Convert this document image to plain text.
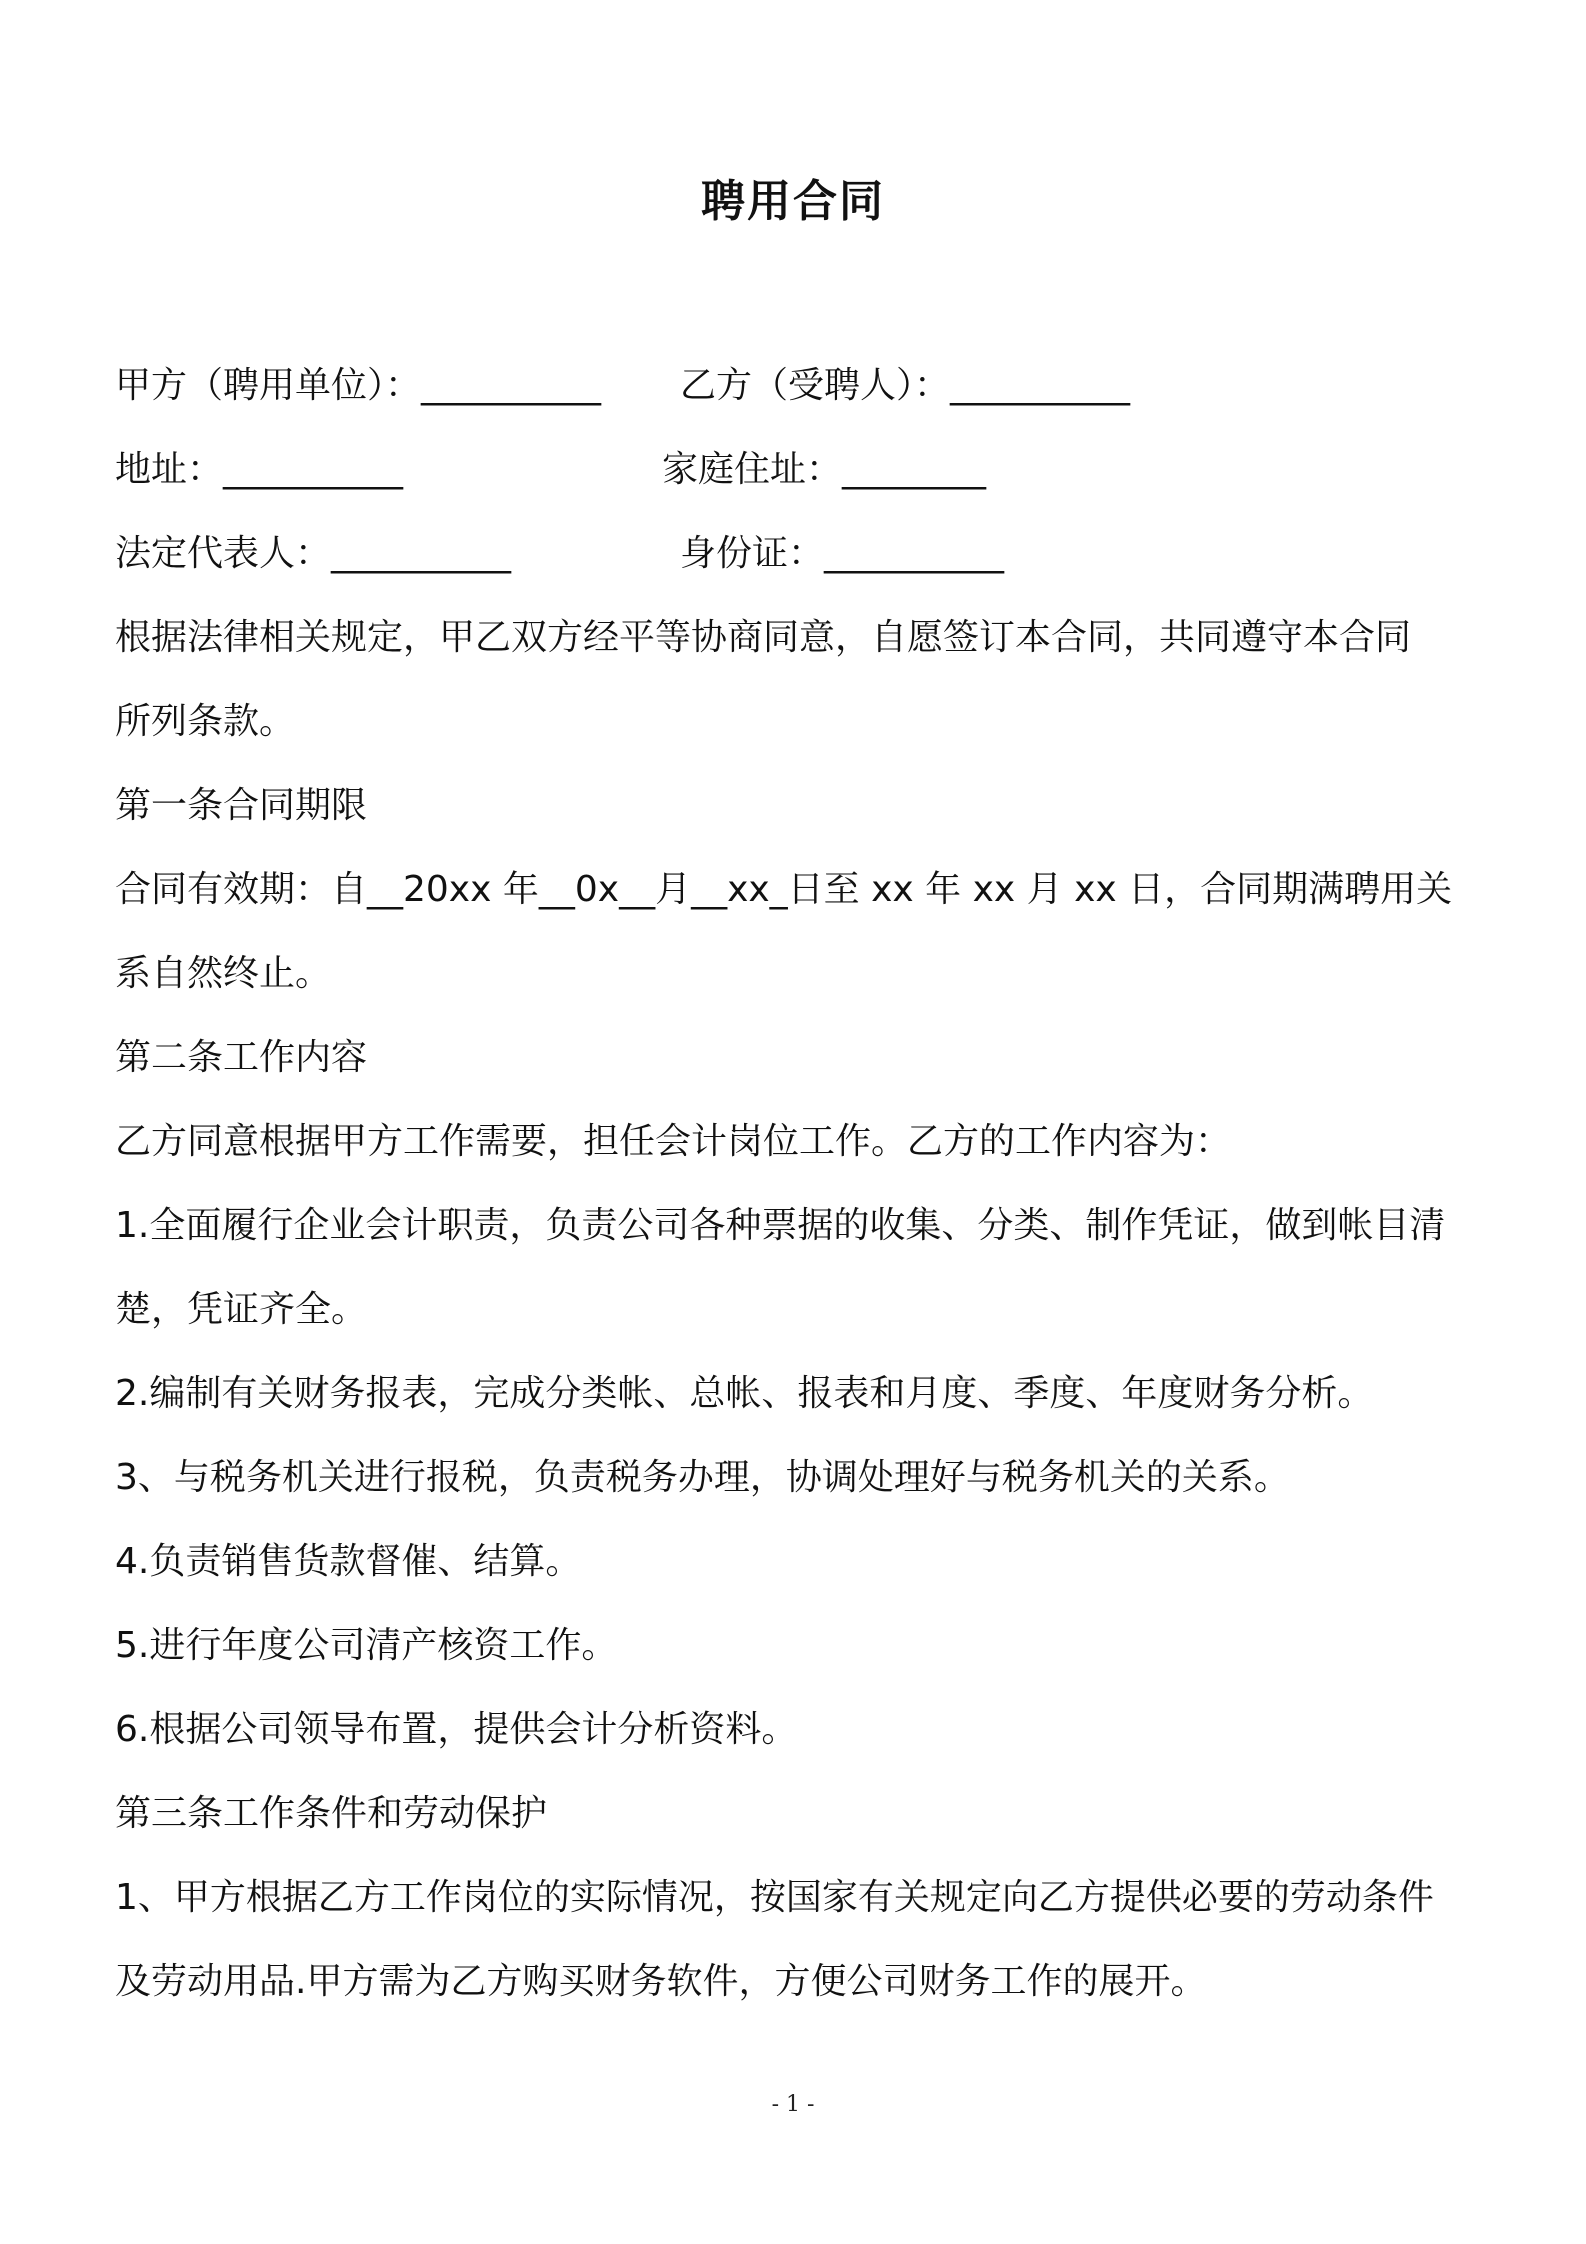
聘用合同
甲方（聘用单位）：__________ 乙方（受聘人）：__________
地址：__________	家庭住址：________
法定代表人：__________	身份证：__________
根据法律相关规定，甲乙双方经平等协商同意，自愿签订本合同，共同遵守本合同
所列条款。
第一条合同期限
合同有效期：自__20xx 年__0x__月__xx_日至 xx 年 xx 月 xx 日，合同期满聘用关
系自然终止。
第二条工作内容
乙方同意根据甲方工作需要，担任会计岗位工作。乙方的工作内容为：
1.全面履行企业会计职责，负责公司各种票据的收集、分类、制作凭证，做到帐目清
楚，凭证齐全。
2.编制有关财务报表，完成分类帐、总帐、报表和月度、季度、年度财务分析。
3、与税务机关进行报税，负责税务办理，协调处理好与税务机关的关系。
4.负责销售货款督催、结算。
5.进行年度公司清产核资工作。
6.根据公司领导布置，提供会计分析资料。
第三条工作条件和劳动保护
1、甲方根据乙方工作岗位的实际情况，按国家有关规定向乙方提供必要的劳动条件
及劳动用品.甲方需为乙方购买财务软件，方便公司财务工作的展开。
- 1 -
